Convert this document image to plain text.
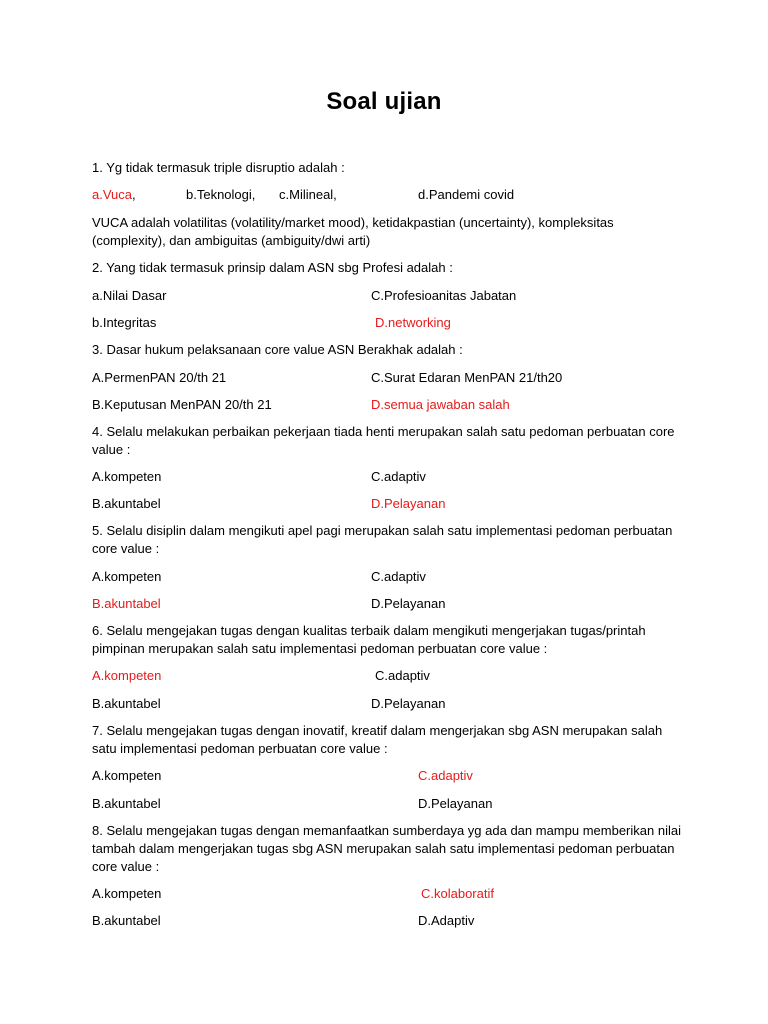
Soal ujian
1. Yg tidak termasuk triple disruptio adalah :
a.Vuca,	b.Teknologi, c.Milineal,	d.Pandemi covid
VUCA adalah volatilitas (volatility/market mood), ketidakpastian (uncertainty), kompleksitas (complexity), dan ambiguitas (ambiguity/dwi arti)
2. Yang tidak termasuk prinsip dalam ASN sbg Profesi adalah :
a.Nilai Dasar	C.Profesioanitas Jabatan
b.Integritas	D.networking
3. Dasar hukum pelaksanaan core value ASN Berakhak adalah :
A.PermenPAN 20/th 21	C.Surat Edaran MenPAN 21/th20
B.Keputusan MenPAN 20/th 21	D.semua jawaban salah
4. Selalu melakukan perbaikan pekerjaan tiada henti merupakan salah satu pedoman perbuatan core value :
A.kompeten	C.adaptiv
B.akuntabel	D.Pelayanan
5. Selalu disiplin dalam mengikuti apel pagi merupakan salah satu implementasi pedoman perbuatan core value :
A.kompeten	C.adaptiv
B.akuntabel	D.Pelayanan
6. Selalu mengejakan tugas dengan kualitas terbaik dalam mengikuti mengerjakan tugas/printah pimpinan merupakan salah satu implementasi pedoman perbuatan core value :
A.kompeten	C.adaptiv
B.akuntabel	D.Pelayanan
7. Selalu mengejakan tugas dengan inovatif, kreatif dalam mengerjakan sbg ASN merupakan salah satu implementasi pedoman perbuatan core value :
A.kompeten	C.adaptiv
B.akuntabel	D.Pelayanan
8. Selalu mengejakan tugas dengan memanfaatkan sumberdaya yg ada dan mampu memberikan nilai tambah dalam mengerjakan tugas sbg ASN merupakan salah satu implementasi pedoman perbuatan core value :
A.kompeten	C.kolaboratif
B.akuntabel	D.Adaptiv
